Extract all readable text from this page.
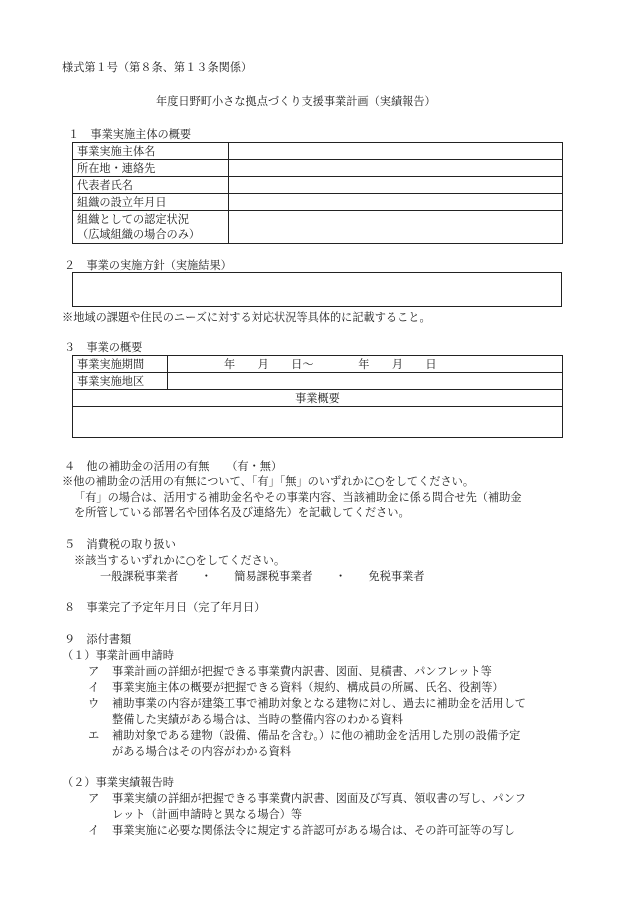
様式第１号（第８条、第１３条関係）
年度日野町小さな拠点づくり支援事業計画（実績報告）
１　事業実施主体の概要
事業実施主体名	
所在地・連絡先	
代表者氏名	
組織の設立年月日	

組織としての認定状況
（広域組織の場合のみ）	

２　事業の実施方針（実施結果）
※地域の課題や住民のニーズに対する対応状況等具体的に記載すること。
３　事業の概要
事業実施期間	年　　月　　日～　　　　年　　月　　日
事業実施地区	
事業概要	

４　他の補助金の活用の有無　　（有・無）
※他の補助金の活用の有無について、「有」「無」のいずれかに○をしてください。
「有」の場合は、活用する補助金名やその事業内容、当該補助金に係る問合せ先（補助金
を所管している部署名や団体名及び連絡先）を記載してください。
５　消費税の取り扱い
※該当するいずれかに○をしてください。
一般課税事業者　　・　　簡易課税事業者　　・　　免税事業者
８　事業完了予定年月日（完了年月日）
９　添付書類
（１）事業計画申請時
ア 事業計画の詳細が把握できる事業費内訳書、図面、見積書、パンフレット等
イ 事業実施主体の概要が把握できる資料（規約、構成員の所属、氏名、役割等）
ウ 補助事業の内容が建築工事で補助対象となる建物に対し、過去に補助金を活用して
整備した実績がある場合は、当時の整備内容のわかる資料
エ 補助対象である建物（設備、備品を含む。）に他の補助金を活用した別の設備予定
がある場合はその内容がわかる資料
（２）事業実績報告時
ア 事業実績の詳細が把握できる事業費内訳書、図面及び写真、領収書の写し、パンフ
レット（計画申請時と異なる場合）等
イ 事業実施に必要な関係法令に規定する許認可がある場合は、その許可証等の写し
